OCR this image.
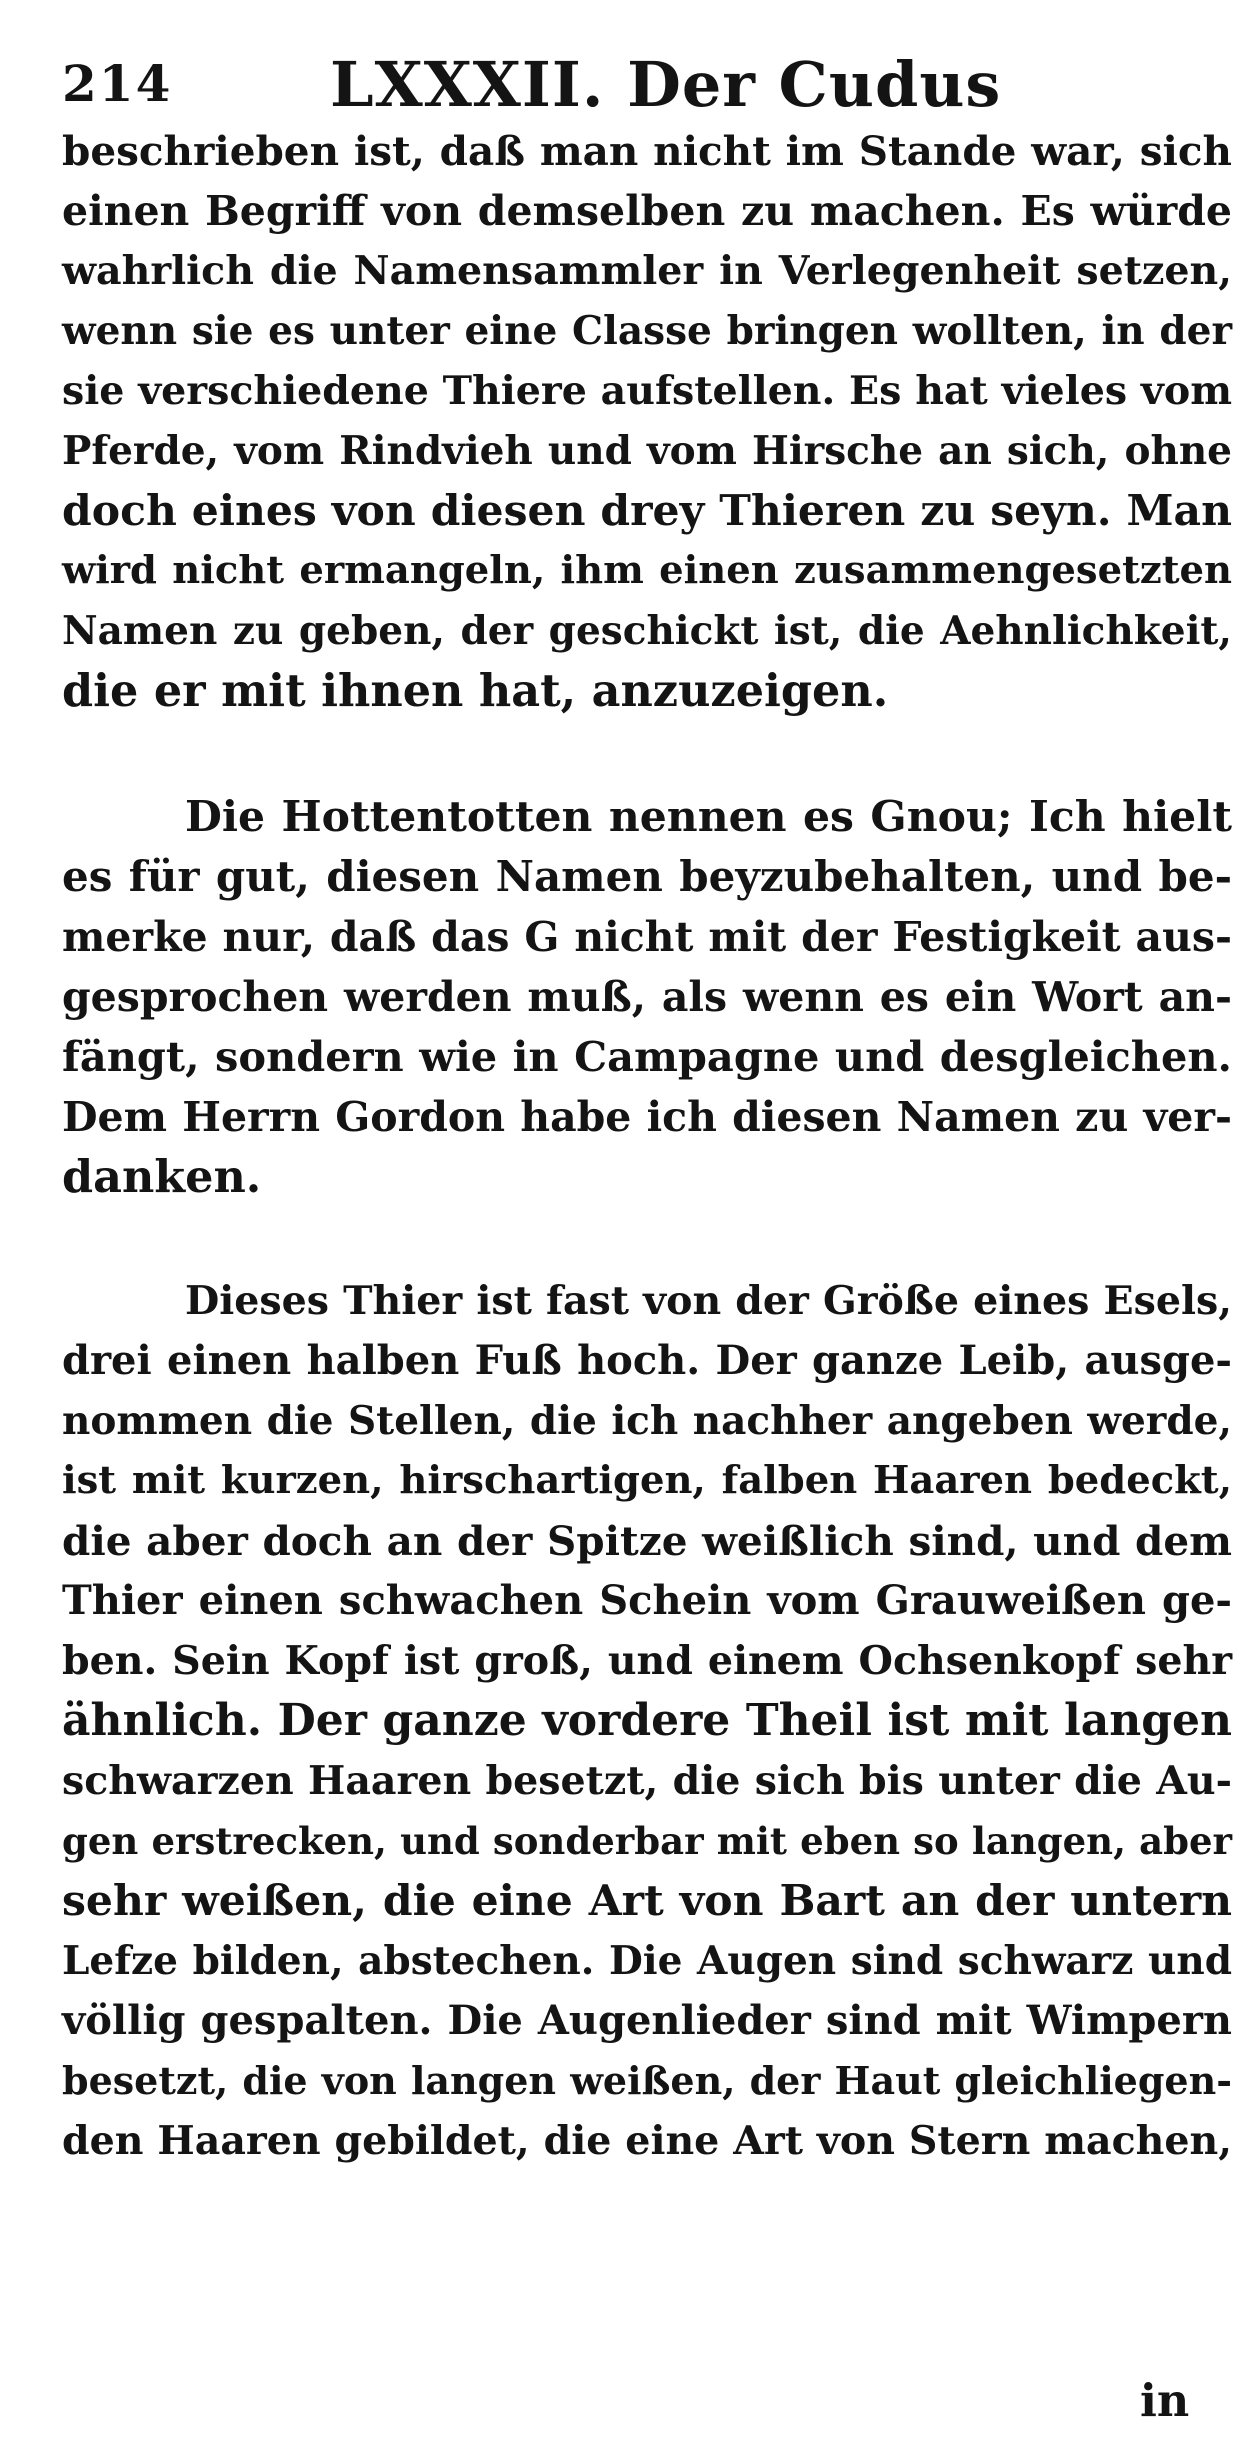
214	LXXXII. Der Cudus
beschrieben ist, daß man nicht im Stande war, sich
einen Begriff von demselben zu machen. Es würde
wahrlich die Namensammler in Verlegenheit setzen,
wenn sie es unter eine Classe bringen wollten, in der
sie verschiedene Thiere aufstellen. Es hat vieles vom
Pferde, vom Rindvieh und vom Hirsche an sich, ohne
doch eines von diesen drey Thieren zu seyn. Man
wird nicht ermangeln, ihm einen zusammengesetzten
Namen zu geben, der geschickt ist, die Aehnlichkeit,
die er mit ihnen hat, anzuzeigen.
Die Hottentotten nennen es Gnou; Ich hielt
es für gut, diesen Namen beyzubehalten, und be-
merke nur, daß das G nicht mit der Festigkeit aus-
gesprochen werden muß, als wenn es ein Wort an-
fängt, sondern wie in Campagne und desgleichen.
Dem Herrn Gordon habe ich diesen Namen zu ver-
danken.
Dieses Thier ist fast von der Größe eines Esels,
drei einen halben Fuß hoch. Der ganze Leib, ausge-
nommen die Stellen, die ich nachher angeben werde,
ist mit kurzen, hirschartigen, falben Haaren bedeckt,
die aber doch an der Spitze weißlich sind, und dem
Thier einen schwachen Schein vom Grauweißen ge-
ben. Sein Kopf ist groß, und einem Ochsenkopf sehr
ähnlich. Der ganze vordere Theil ist mit langen
schwarzen Haaren besetzt, die sich bis unter die Au-
gen erstrecken, und sonderbar mit eben so langen, aber
sehr weißen, die eine Art von Bart an der untern
Lefze bilden, abstechen. Die Augen sind schwarz und
völlig gespalten. Die Augenlieder sind mit Wimpern
besetzt, die von langen weißen, der Haut gleichliegen-
den Haaren gebildet, die eine Art von Stern machen,
in
